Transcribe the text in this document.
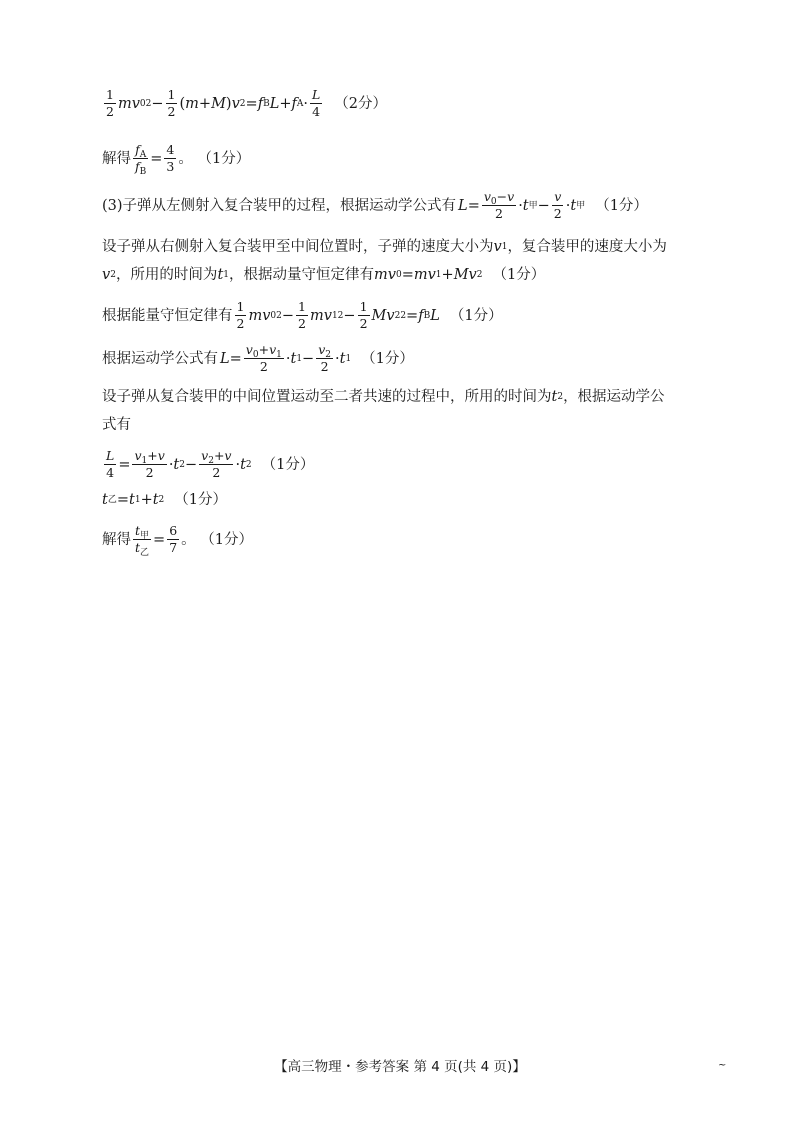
$\frac{1}{2}$ m v 0 $2 - \frac{1}{2}$ ( m + M ) v 2 = f B L + f $A \cdot \frac{L}{4} (2$分）
解得 $\frac{f_A}{f_B} = \frac{4}{3}$ 。 （1分）
(3)子弹从左侧射入复合装甲的过程，根据运动学公式有 $L = \frac{v_0-v}{2} \cdot t$ 甲 − $\frac{v}{2} \cdot t$ 甲 （1分）
设子弹从右侧射入复合装甲至中间位置时，子弹的速度大小为 v 1 ，复合装甲的速度大小为
v 2 ，所用的时间为 t 1 ，根据动量守恒定律有 m v 0 = m v 1 + M v 2 （1分）
根据能量守恒定律有 $\frac{1}{2}$ m v 0 $2 - \frac{1}{2}$ m v 1 $2 - \frac{1}{2}$ M v 2 2 = f B L （1分）
根据运动学公式有 $L = \frac{v_0+v_1}{2} \cdot t$ $1 - \frac{v_2}{2} \cdot t$ 1 （1分）
设子弹从复合装甲的中间位置运动至二者共速的过程中，所用的时间为 t 2 ，根据运动学公
式有
$\frac{L}{4} = \frac{v_1+v}{2} \cdot t$ $2 - \frac{v_2+v}{2} \cdot t$ 2 （1分）
t 乙 = t 1 + t 2 （1分）
解得 $\frac{t_甲}{t_乙} = \frac{6}{7}$ 。 （1分）
【高三物理・参考答案 第 4 页(共 4 页)】	~
